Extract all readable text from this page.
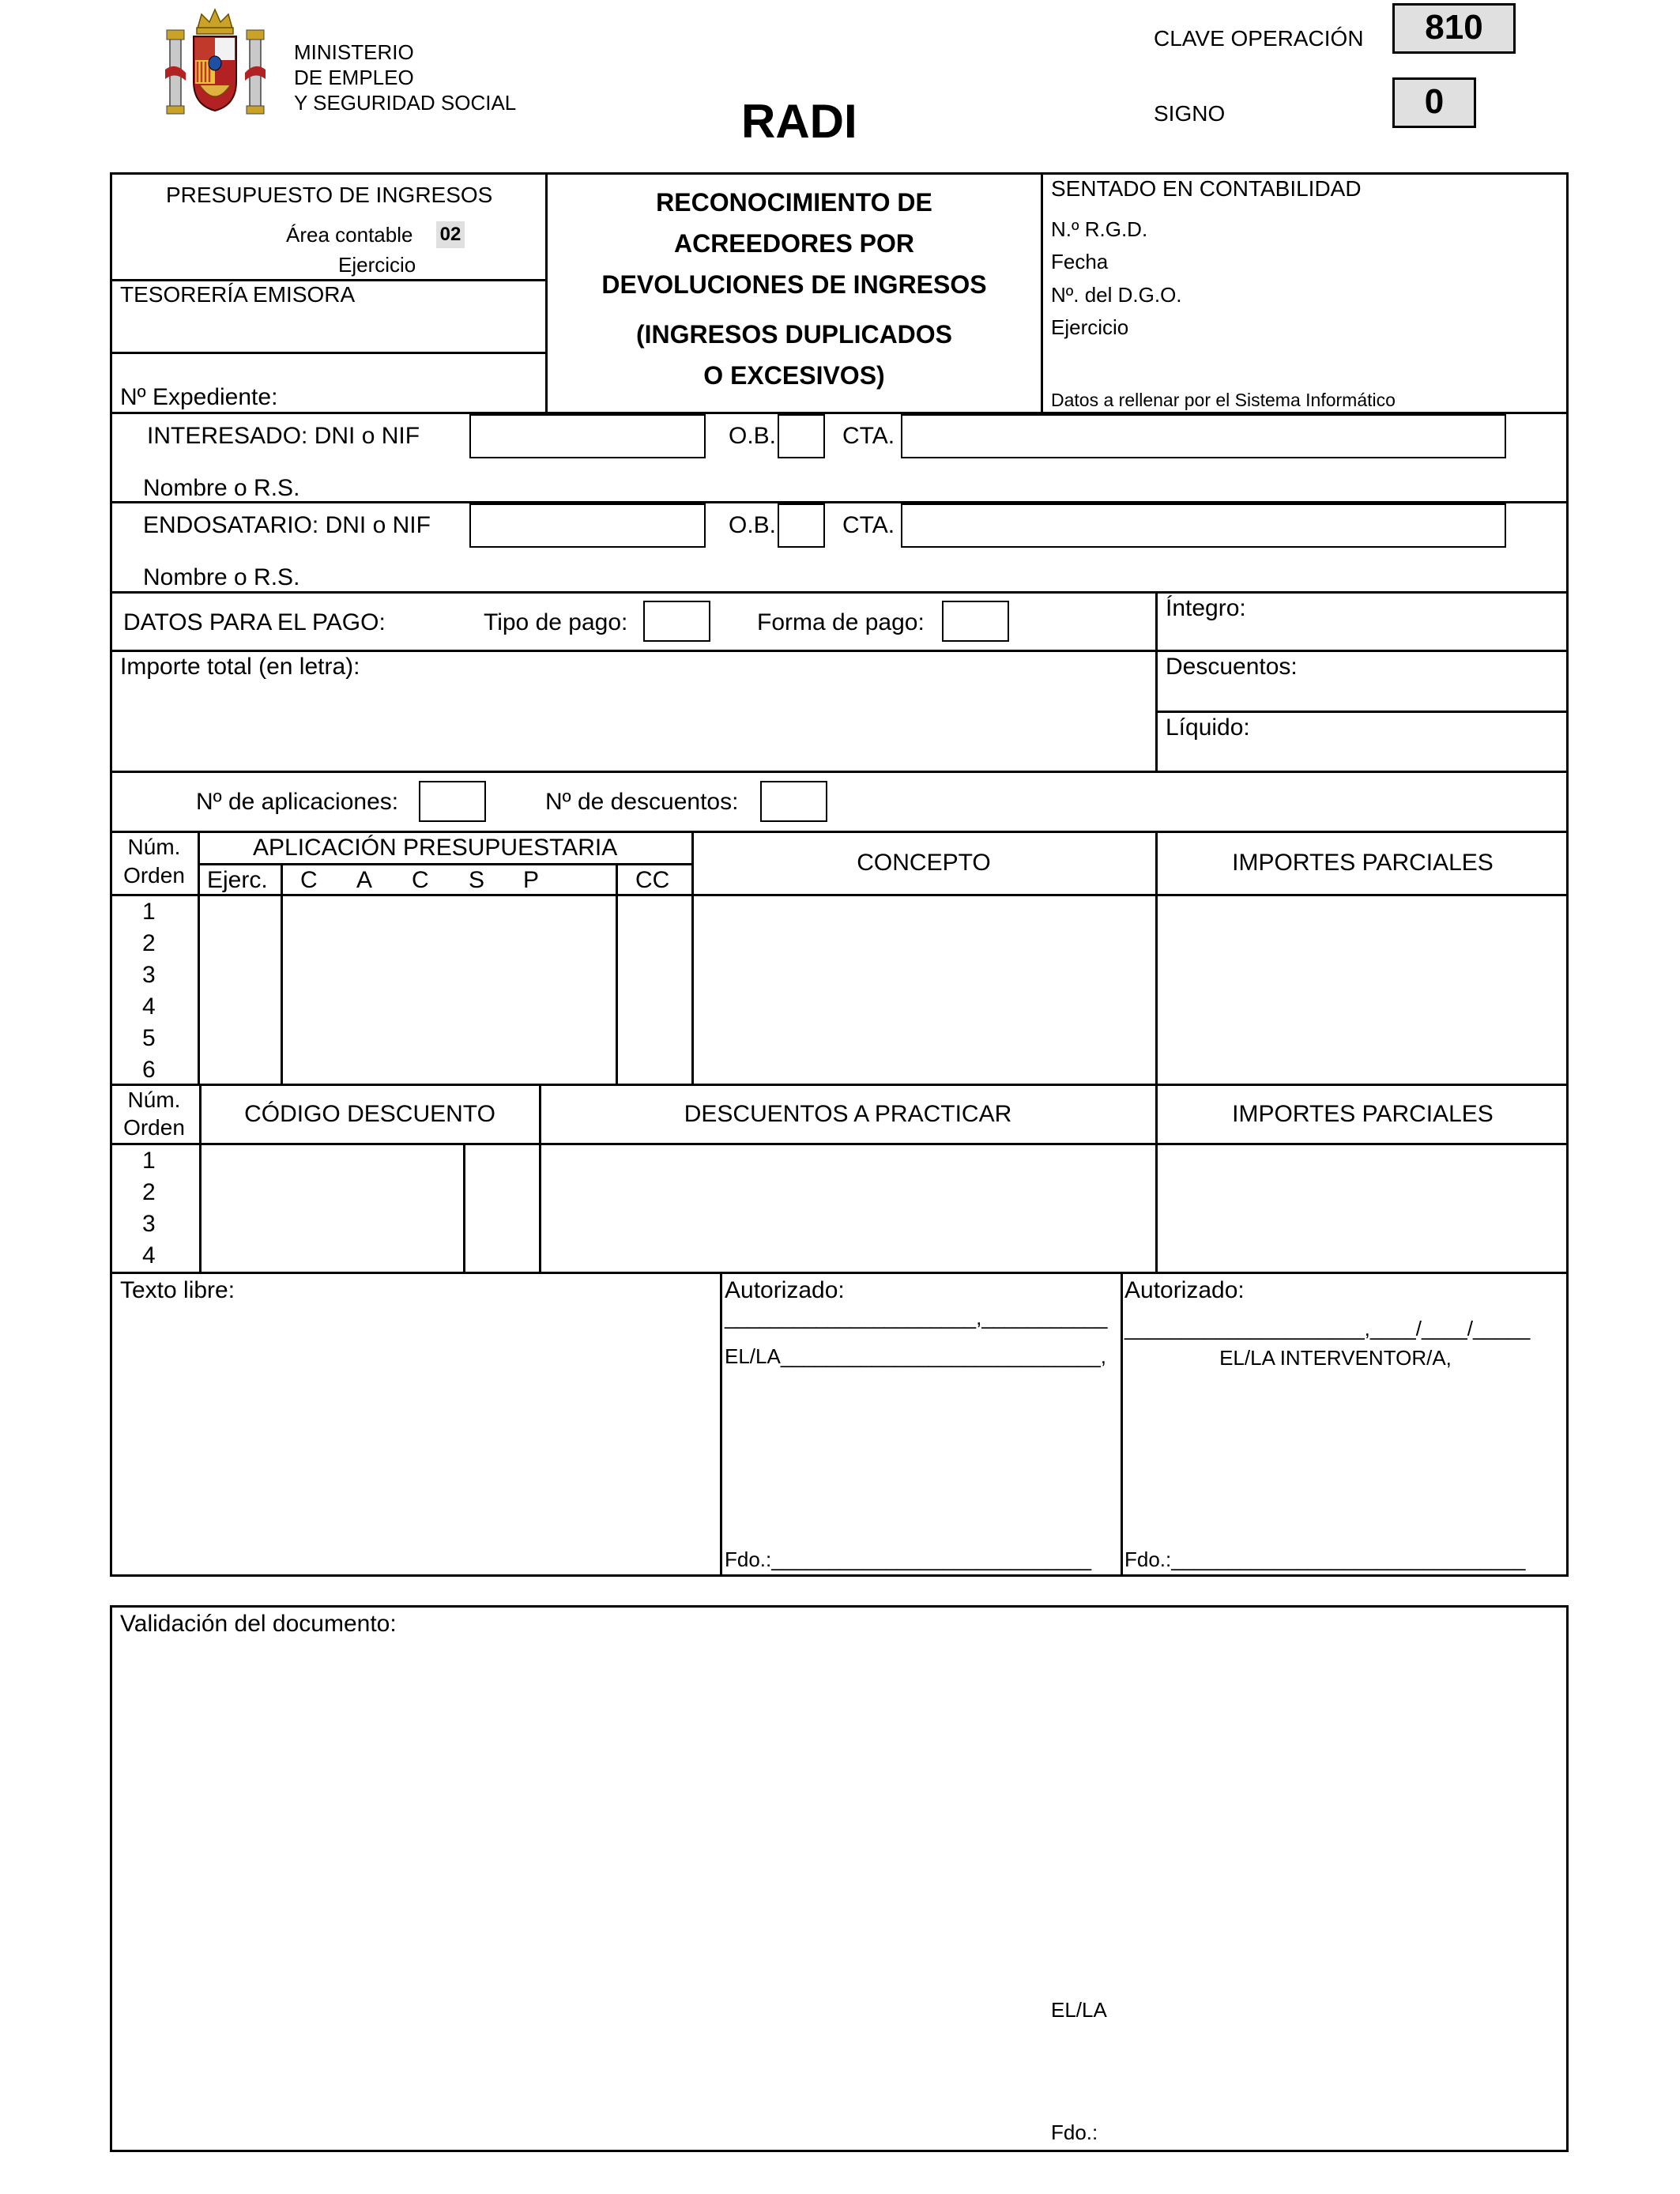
MINISTERIO
DE EMPLEO
Y SEGURIDAD SOCIAL	RADI
CLAVE OPERACIÓN	810
SIGNO	0
PRESUPUESTO DE INGRESOS
Área contable 02
Ejercicio
TESORERÍA EMISORA
Nº Expediente:
RECONOCIMIENTO DE
ACREEDORES POR
DEVOLUCIONES DE INGRESOS
(INGRESOS DUPLICADOS
O EXCESIVOS)
SENTADO EN CONTABILIDAD
N.º R.G.D.
Fecha
Nº. del D.G.O.
Ejercicio
Datos a rellenar por el Sistema Informático
INTERESADO: DNI o NIF	O.B.	CTA.
Nombre o R.S.
ENDOSATARIO: DNI o NIF	O.B.	CTA.
Nombre o R.S.
DATOS PARA EL PAGO:	Tipo de pago:	Forma de pago:
Íntegro:
Importe total (en letra):	Descuentos:
Líquido:
Nº de aplicaciones:	Nº de descuentos:
Núm.
Orden
APLICACIÓN PRESUPUESTARIA
Ejerc. C A C S P	CC
CONCEPTO	IMPORTES PARCIALES
1
2
3
4
5
6
Núm.
Orden
CÓDIGO DESCUENTO	DESCUENTOS A PRACTICAR	IMPORTES PARCIALES
1
2
3
4
Texto libre:	Autorizado:
______________________,___________
EL/LA____________________________,
Fdo.:____________________________
Autorizado:
_____________________,____/____/_____
EL/LA INTERVENTOR/A,
Fdo.:_______________________________
Validación del documento:
EL/LA
Fdo.:
